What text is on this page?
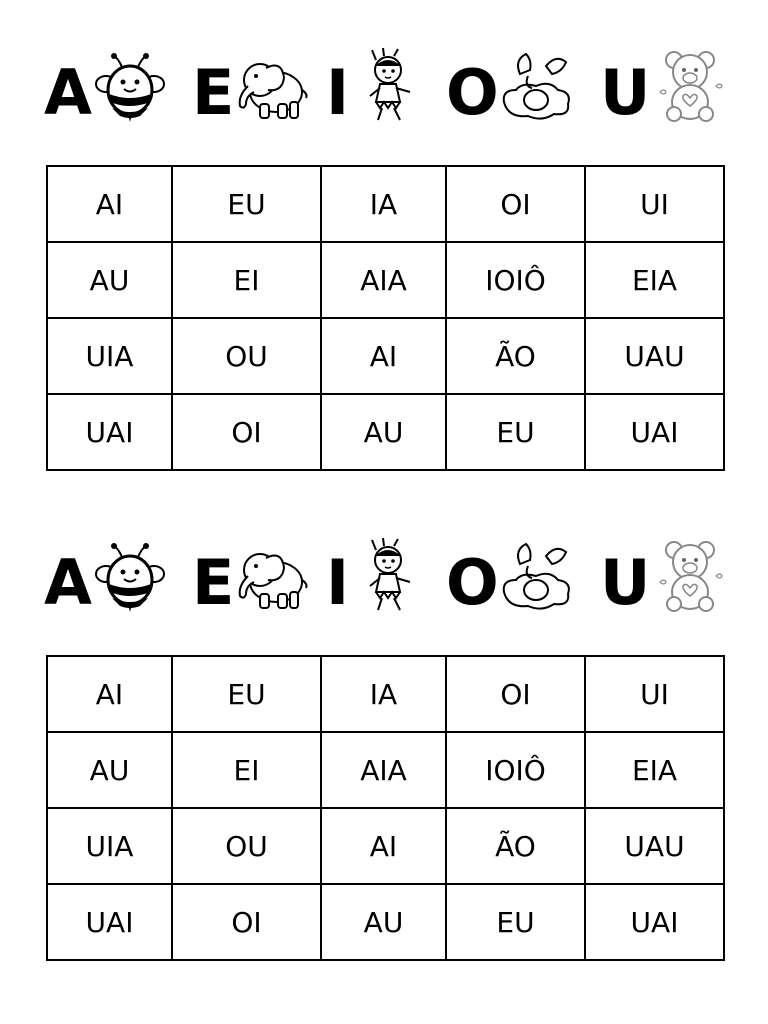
A E I O U
AI	EU	IA	OI	UI
AU	EI	AIA	IOIÔ	EIA
UIA	OU	AI	ÃO	UAU
UAI	OI	AU	EU	UAI
A E I O U
AI	EU	IA	OI	UI
AU	EI	AIA	IOIÔ	EIA
UIA	OU	AI	ÃO	UAU
UAI	OI	AU	EU	UAI
